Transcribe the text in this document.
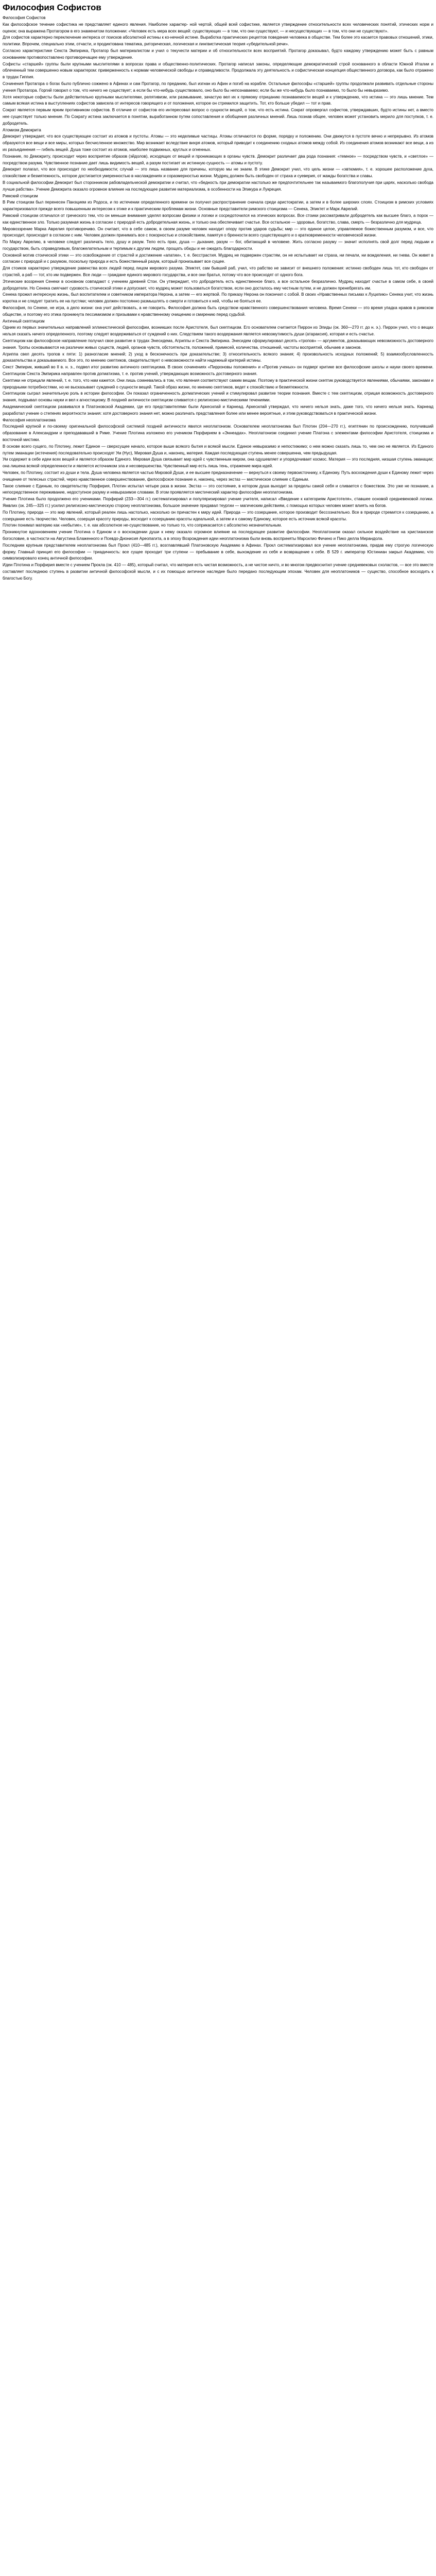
Философия Софистов
Философия Софистов

Как философское течение софистика не представляет единого явления. Наиболее характер- ной чертой, общей всей софистике, является утверждение относительности всех человеческих понятий, этических норм и оценок; она выражена Протагором в его знаменитом положении: «Человек есть мера всех вещей: существующих — в том, что они существуют, — и несуществующих — в том, что они не существуют».

Для софистов характерно переключение интереса от поисков абсолютной истины к ко-нечной истине. Выработка практических рецептов поведения человека в обществе. Тем более это касается правовых отношений, этики, политики. Впрочем, специально этим, отчасти, и продиктована тематика, риторическая, логическая и лингвистическая теория «убедительной речи».

Согласно характеристике Секста Эмпирика, Протагор был материалистом и учил о текучести материи и об относительности всех восприятий. Протагор доказывал, будто каждому утверждению может быть с равным основанием противопоставлено противоречащее ему утверждение.

Софисты «старшей» группы были крупными мыслителями в вопросах права и общественно-политических. Протагор написал законы, определяющие демократический строй основанного в области Южной Италии и облеченный тем совершенно новым характером: приверженность к нормам человеческой свободы и справедливости. Продолжала эту деятельность и софистическая концепция общественного договора, как было отражено в трудах Гиппия.

Сочинения Протагора о богах было публично сожжено в Афинах и сам Протагор, по преданию, был изгнан из Афин и погиб на корабле. Остальные философы «старшей» группы продолжали развивать отдельные стороны учения Протагора. Горгий говорил о том, что ничего не существует; а если бы что-нибудь существовало, оно было бы непознаваемо; если бы же что-нибудь было познаваемо, то было бы невыразимо.

Хотя некоторые софисты были действительно крупными мыслителями, релятивизм, или размывание, зачастую вел их к прямому отрицанию познаваемости вещей и к утверждению, что истина — это лишь мнение. Тем самым всякая истина в выступлениях софистов зависела от интересов говорящего и от положения, которое он стремился защитить. Тот, кто больше убедил — тот и прав.

Сократ является первым ярким противником софистов. В отличие от софистов его интересовал вопрос о сущности вещей, о том, что есть истина. Сократ опровергал софистов, утверждавших, будто истины нет, а вместо нее существует только мнение. По Сократу истина заключается в понятии, выработанном путем сопоставления и обобщения различных мнений. Лишь познав общее, человек может установить мерило для поступков, т. е. добродетель.

Атомизм Демокрита

Демокрит утверждает, что все существующее состоит из атомов и пустоты. Атомы — это неделимые частицы. Атомы отличаются по форме, порядку и положению. Они движутся в пустоте вечно и непрерывно. Из атомов образуются все вещи и все миры, которых бесчисленное множество. Мир возникает вследствие вихря атомов, который приводит к соединению сходных атомов между собой. Из соединения атомов возникают все вещи, а из их разъединения — гибель вещей. Душа тоже состоит из атомов, наиболее подвижных, круглых и огненных.

Познание, по Демокриту, происходит через восприятие образов (эйдолов), исходящих от вещей и проникающих в органы чувств. Демокрит различает два рода познания: «темное» — посредством чувств, и «светлое» — посредством разума. Чувственное познание дает лишь видимость вещей, а разум постигает их истинную сущность — атомы и пустоту.

Демокрит полагал, что все происходит по необходимости; случай — это лишь название для причины, которую мы не знаем. В этике Демокрит учил, что цель жизни — «эвтюмия», т. е. хорошее расположение духа, спокойствие и безмятежность, которое достигается умеренностью в наслаждениях и соразмерностью жизни. Мудрец должен быть свободен от страха и суеверия, от жажды богатства и славы.

В социальной философии Демокрит был сторонником рабовладельческой демократии и считал, что «бедность при демократии настолько же предпочтительнее так называемого благополучия при царях, насколько свобода лучше рабства». Учение Демокрита оказало огромное влияние на последующее развитие материализма, в особенности на Эпикура и Лукреция.

Римский стоицизм

В Рим стоицизм был перенесен Панэцием из Родоса, и по истечении определенного времени он получил распространение сначала среди аристократии, а затем и в более широких слоях. Стоицизм в римских условиях характеризовался прежде всего повышенным интересом к этике и к практическим проблемам жизни. Основные представители римского стоицизма — Сенека, Эпиктет и Марк Аврелий.

Римский стоицизм отличался от греческого тем, что он меньше внимания уделял вопросам физики и логики и сосредоточился на этических вопросах. Все стоики рассматривали добродетель как высшее благо, а порок — как единственное зло. Только разумная жизнь в согласии с природой есть добродетельная жизнь, и только она обеспечивает счастье. Все остальное — здоровье, богатство, слава, смерть — безразлично для мудреца.

Мировоззрение Марка Аврелия противоречиво. Он считает, что в себе самом, в своем разуме человек находит опору против ударов судьбы; мир — это единое целое, управляемое божественным разумом, и все, что происходит, происходит в согласии с ним. Человек должен принимать все с покорностью и спокойствием, памятуя о бренности всего существующего и о кратковременности человеческой жизни.

По Марку Аврелию, в человеке следует различать тело, душу и разум. Тело есть прах, душа — дыхание, разум — бог, обитающий в человеке. Жить согласно разуму — значит исполнять свой долг перед людьми и государством, быть справедливым, благожелательным и терпимым к другим людям, прощать обиды и не ожидать благодарности.

Основной мотив стоической этики — это освобождение от страстей и достижение «апатии», т. е. бесстрастия. Мудрец не подвержен страстям, он не испытывает ни страха, ни печали, ни вожделения, ни гнева. Он живет в согласии с природой и с разумом, поскольку природа и есть божественный разум, который пронизывает все сущее.

Для стоиков характерно утверждение равенства всех людей перед лицом мирового разума. Эпиктет, сам бывший раб, учил, что рабство не зависит от внешнего положения: истинно свободен лишь тот, кто свободен от страстей, а раб — тот, кто им подвержен. Все люди — граждане единого мирового государства, и все они братья, потому что все происходят от одного бога.

Этические воззрения Сенеки в основном совпадают с учением древней Стои. Он утверждает, что добродетель есть единственное благо, а все остальное безразлично. Мудрец находит счастье в самом себе, в своей добродетели. Но Сенека смягчает суровость стоической этики и допускает, что мудрец может пользоваться богатством, если оно досталось ему честным путем, и не должен пренебрегать им.

Сенека прожил интересную жизнь, был воспитателем и советником императора Нерона, а затем — его жертвой. По приказу Нерона он покончил с собой. В своих «Нравственных письмах к Луцилию» Сенека учит, что жизнь коротка и не следует тратить ее на пустяки; человек должен постоянно размышлять о смерти и готовиться к ней, чтобы не бояться ее.

Философия, по Сенеке, не игра, а дело жизни: она учит действовать, а не говорить. Философия должна быть средством нравственного совершенствования человека. Время Сенеки — это время упадка нравов в римском обществе, и поэтому его этика проникнута пессимизмом и призывами к нравственному очищению и смирению перед судьбой.

Античный скептицизм

Одним из первых значительных направлений эллинистической философии, возникших после Аристотеля, был скептицизм. Его основателем считается Пиррон из Элиды (ок. 360—270 гг. до н. э.). Пиррон учил, что о вещах нельзя сказать ничего определенного, поэтому следует воздерживаться от суждений о них. Следствием такого воздержания является невозмутимость души (атараксия), которая и есть счастье.

Скептицизм как философское направление получил свое развитие в трудах Энесидема, Агриппы и Секста Эмпирика. Энесидем сформулировал десять «тропов» — аргументов, доказывающих невозможность достоверного знания. Тропы основываются на различии живых существ, людей, органов чувств, обстоятельств, положений, примесей, количества, отношений, частоты восприятий, обычаев и законов.

Агриппа свел десять тропов к пяти: 1) разногласие мнений; 2) уход в бесконечность при доказательстве; 3) относительность всякого знания; 4) произвольность исходных положений; 5) взаимообусловленность доказательства и доказываемого. Все это, по мнению скептиков, свидетельствует о невозможности найти надежный критерий истины.

Секст Эмпирик, живший во II в. н. э., подвел итог развитию античного скептицизма. В своих сочинениях «Пирроновы положения» и «Против ученых» он подверг критике все философские школы и науки своего времени. Скептицизм Секста Эмпирика направлен против догматизма, т. е. против учений, утверждающих возможность достоверного знания.

Скептики не отрицали явлений, т. е. того, что нам кажется. Они лишь сомневались в том, что явления соответствуют самим вещам. Поэтому в практической жизни скептик руководствуется явлениями, обычаями, законами и природными потребностями, но не высказывает суждений о сущности вещей. Такой образ жизни, по мнению скептиков, ведет к спокойствию и безмятежности.

Скептицизм сыграл значительную роль в истории философии. Он показал ограниченность догматических учений и стимулировал развитие теории познания. Вместе с тем скептицизм, отрицая возможность достоверного знания, подрывал основы науки и вел к агностицизму. В поздней античности скептицизм сливается с религиозно-мистическими течениями.

Академический скептицизм развивался в Платоновской Академии, где его представителями были Аркесилай и Карнеад. Аркесилай утверждал, что ничего нельзя знать, даже того, что ничего нельзя знать. Карнеад разработал учение о степенях вероятности знания: хотя достоверного знания нет, можно различать представления более или менее вероятные, и этим руководствоваться в практической жизни.

Философия неоплатонизма

Последней крупной и по-своему оригинальной философской системой поздней античности явился неоплатонизм. Основателем неоплатонизма был Плотин (204—270 гг.), египтянин по происхождению, получивший образование в Александрии и преподававший в Риме. Учение Плотина изложено его учеником Порфирием в «Эннеадах». Неоплатонизм соединил учение Платона с элементами философии Аристотеля, стоицизма и восточной мистики.

В основе всего сущего, по Плотину, лежит Единое — сверхсущее начало, которое выше всякого бытия и всякой мысли. Единое невыразимо и непостижимо; о нем можно сказать лишь то, чем оно не является. Из Единого путем эманации (истечения) последовательно происходят Ум (Нус), Мировая Душа и, наконец, материя. Каждая последующая ступень менее совершенна, чем предыдущая.

Ум содержит в себе идеи всех вещей и является образом Единого. Мировая Душа связывает мир идей с чувственным миром, она одушевляет и упорядочивает космос. Материя — это последняя, низшая ступень эманации; она лишена всякой определенности и является источником зла и несовершенства. Чувственный мир есть лишь тень, отражение мира идей.

Человек, по Плотину, состоит из души и тела. Душа человека является частью Мировой Души, и ее высшее предназначение — вернуться к своему первоисточнику, к Единому. Путь восхождения души к Единому лежит через очищение от телесных страстей, через нравственное совершенствование, философское познание и, наконец, через экстаз — мистическое слияние с Единым.

Такое слияние с Единым, по свидетельству Порфирия, Плотин испытал четыре раза в жизни. Экстаз — это состояние, в котором душа выходит за пределы самой себя и сливается с божеством. Это уже не познание, а непосредственное переживание, недоступное разуму и невыразимое словами. В этом проявляется мистический характер философии неоплатонизма.

Учение Плотина было продолжено его учениками. Порфирий (233—304 гг.) систематизировал и популяризировал учение учителя, написал «Введение к категориям Аристотеля», ставшее основой средневековой логики. Ямвлих (ок. 245—325 гг.) усилил религиозно-мистическую сторону неоплатонизма, большое значение придавал теургии — магическим действиям, с помощью которых человек может влиять на богов.

По Плотину, природа — это мир явлений, который реален лишь настолько, насколько он причастен к миру идей. Природа — это созерцание, которое производит бессознательно. Все в природе стремится к созерцанию, а созерцание есть творчество. Человек, созерцая красоту природы, восходит к созерцанию красоты идеальной, а затем и к самому Единому, которое есть источник всякой красоты.

Плотин понимал материю как «небытие», т. е. как абсолютное не-существование, но только то, что соприкасается с абсолютно незначительным.

Проникнутое вдохновением учение Плотина о Едином и о восхождении души к нему оказало огромное влияние на последующее развитие философии. Неоплатонизм оказал сильное воздействие на христианское богословие, в частности на Августина Блаженного и Псевдо-Дионисия Ареопагита, а в эпоху Возрождения идеи неоплатонизма были вновь восприняты Марсилио Фичино и Пико делла Мирандола.

Последним крупным представителем неоплатонизма был Прокл (410—485 гг.), возглавлявший Платоновскую Академию в Афинах. Прокл систематизировал все учение неоплатонизма, придав ему строгую логическую форму. Главный принцип его философии — триадичность: все сущее проходит три ступени — пребывание в себе, выхождение из себя и возвращение к себе. В 529 г. император Юстиниан закрыл Академию, что символизировало конец античной философии.

Идеи Плотина и Порфирия вместе с учением Прокла (ок. 410 — 485), который считал, что материя есть чистая возможность, а не чистое ничто, и во многом предвосхитил учение средневековых схоластов, — все это вместе составляет последнюю ступень в развитии античной философской мысли, и с их помощью античное наследие было передано последующим эпохам. Человек для неоплатоников — существо, способное восходить к благостью Богу.
